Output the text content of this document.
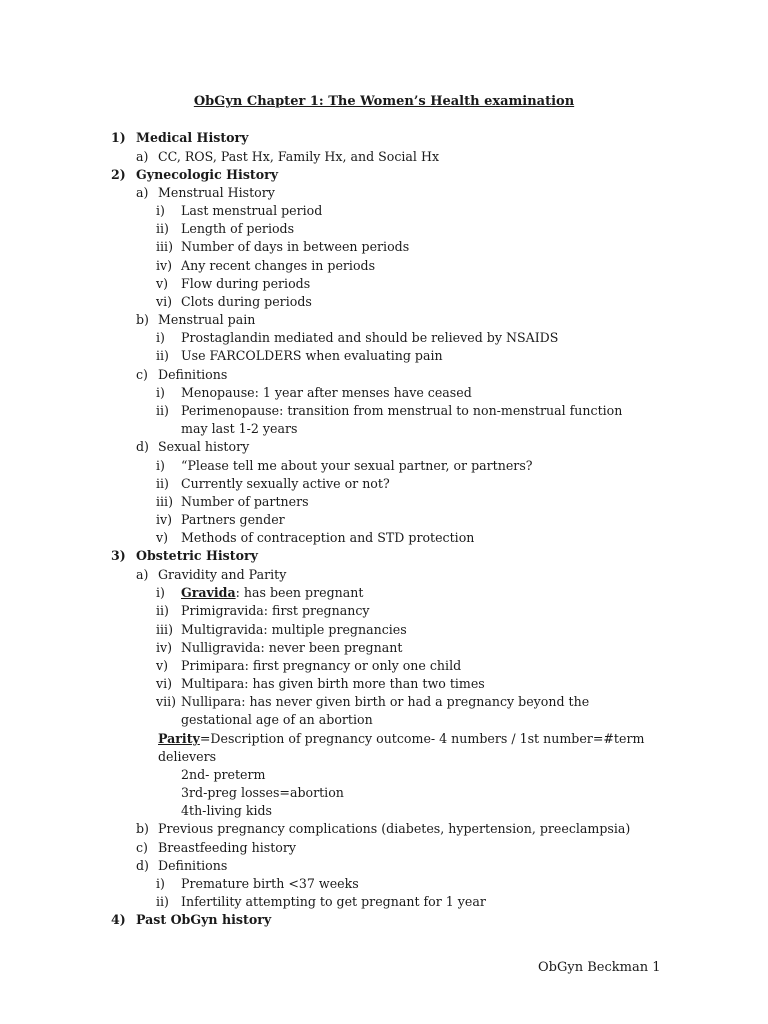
ObGyn Chapter 1: The Women’s Health examination
1) Medical History
a) CC, ROS, Past Hx, Family Hx, and Social Hx
2) Gynecologic History
a) Menstrual History
i) Last menstrual period
ii) Length of periods
iii) Number of days in between periods
iv) Any recent changes in periods
v) Flow during periods
vi) Clots during periods
b) Menstrual pain
i) Prostaglandin mediated and should be relieved by NSAIDS
ii) Use FARCOLDERS when evaluating pain
c) Definitions
i) Menopause: 1 year after menses have ceased
ii) Perimenopause: transition from menstrual to non-menstrual function
may last 1-2 years
d) Sexual history
i) “Please tell me about your sexual partner, or partners?
ii) Currently sexually active or not?
iii) Number of partners
iv) Partners gender
v) Methods of contraception and STD protection
3) Obstetric History
a) Gravidity and Parity
i) Gravida: has been pregnant
ii) Primigravida: first pregnancy
iii) Multigravida: multiple pregnancies
iv) Nulligravida: never been pregnant
v) Primipara: first pregnancy or only one child
vi) Multipara: has given birth more than two times
vii) Nullipara: has never given birth or had a pregnancy beyond the
gestational age of an abortion
Parity=Description of pregnancy outcome- 4 numbers / 1st number=#term
delievers
2nd- preterm
3rd-preg losses=abortion
4th-living kids
b) Previous pregnancy complications (diabetes, hypertension, preeclampsia)
c) Breastfeeding history
d) Definitions
i) Premature birth <37 weeks
ii) Infertility attempting to get pregnant for 1 year
4) Past ObGyn history
ObGyn Beckman 1
